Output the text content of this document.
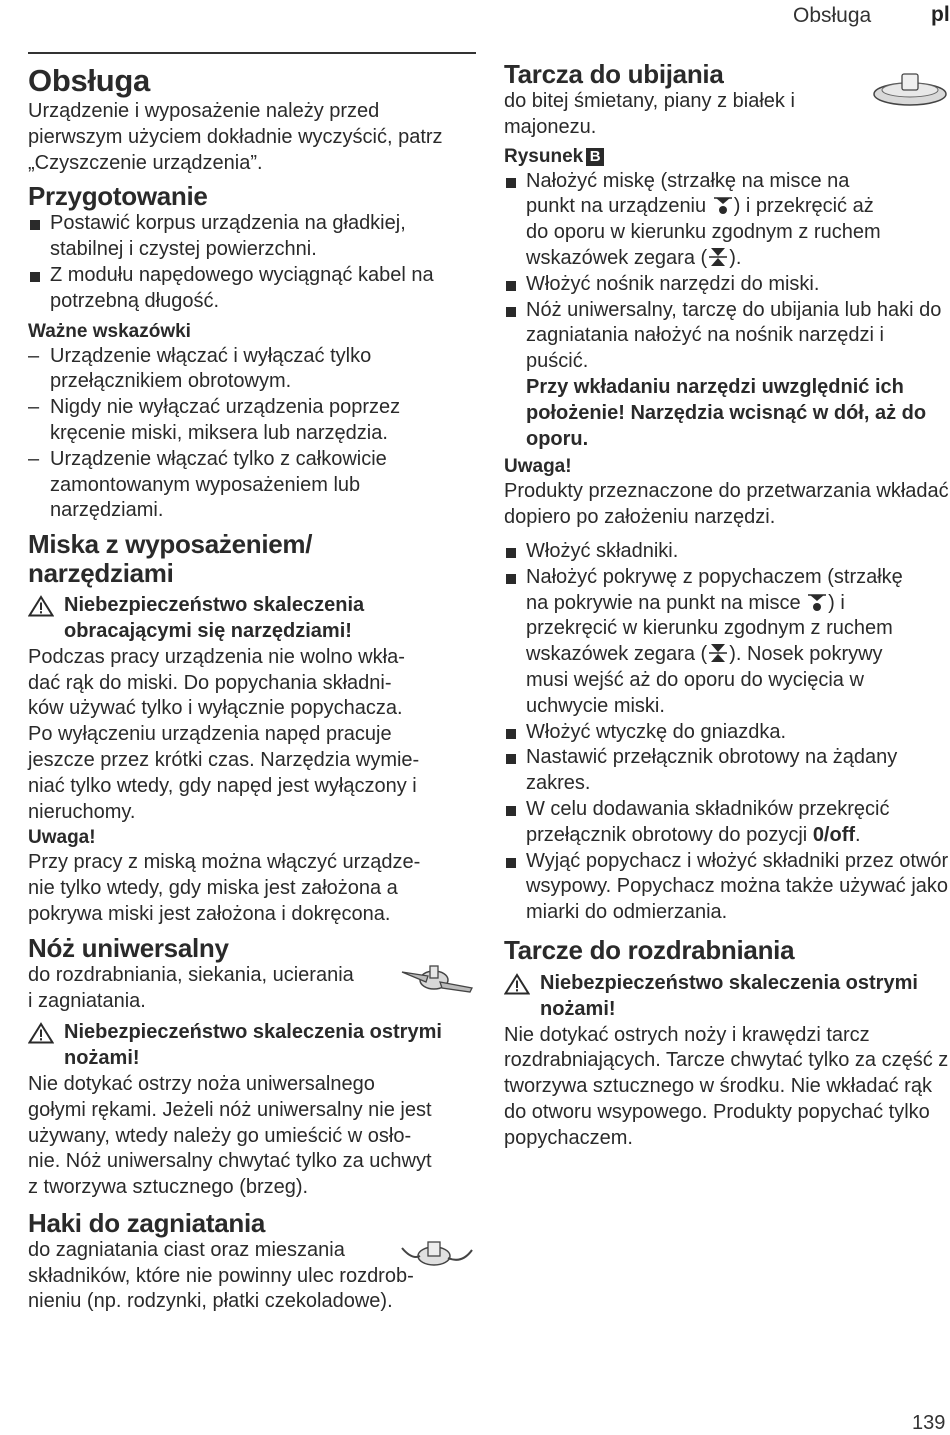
Obsługa	pl
Obsługa

Urządzenie i wyposażenie należy przed pierwszym użyciem dokładnie wyczyścić, patrz „Czyszczenie urządzenia”.

Przygotowanie
Postawić korpus urządzenia na gładkiej, stabilnej i czystej powierzchni.
Z modułu napędowego wyciągnąć kabel na potrzebną długość.
Ważne wskazówki
– Urządzenie włączać i wyłączać tylko przełącznikiem obrotowym.
– Nigdy nie wyłączać urządzenia poprzez kręcenie miski, miksera lub narzędzia.
– Urządzenie włączać tylko z całkowicie zamontowanym wyposażeniem lub narzędziami.
Miska z wyposażeniem/
narzędziami
Niebezpieczeństwo skaleczenia obracającymi się narzędziami!

Podczas pracy urządzenia nie wolno wkła-
dać rąk do miski. Do popychania składni-
ków używać tylko i wyłącznie popychacza.
Po wyłączeniu urządzenia napęd pracuje
jeszcze przez krótki czas. Narzędzia wymie-
niać tylko wtedy, gdy napęd jest wyłączony i
nieruchomy.

Uwaga!

Przy pracy z miską można włączyć urządze-
nie tylko wtedy, gdy miska jest założona a
pokrywa miski jest założona i dokręcona.

Nóż uniwersalny

do rozdrabniania, siekania, ucierania
i zagniatania.

Niebezpieczeństwo skaleczenia ostrymi nożami!

Nie dotykać ostrzy noża uniwersalnego
gołymi rękami. Jeżeli nóż uniwersalny nie jest
używany, wtedy należy go umieścić w osło-
nie. Nóż uniwersalny chwytać tylko za uchwyt
z tworzywa sztucznego (brzeg).

Haki do zagniatania

do zagniatania ciast oraz mieszania
składników, które nie powinny ulec rozdrob-
nieniu (np. rodzynki, płatki czekoladowe).

Tarcza do ubijania

do bitej śmietany, piany z białek i
majonezu.

Rysunek B
Nałożyć miskę (strzałkę na misce na
punkt na urządzeniu ) i przekręcić aż
do oporu w kierunku zgodnym z ruchem
wskazówek zegara ( ).
Włożyć nośnik narzędzi do miski.
Nóż uniwersalny, tarczę do ubijania lub haki do zagniatania nałożyć na nośnik narzędzi i puścić.
Przy wkładaniu narzędzi uwzględnić ich położenie! Narzędzia wcisnąć w dół, aż do oporu.
Uwaga!

Produkty przeznaczone do przetwarzania wkładać dopiero po założeniu narzędzi.

Włożyć składniki.
Nałożyć pokrywę z popychaczem (strzałkę
na pokrywie na punkt na misce ) i
przekręcić w kierunku zgodnym z ruchem
wskazówek zegara ( ). Nosek pokrywy
musi wejść aż do oporu do wycięcia w
uchwycie miski.
Włożyć wtyczkę do gniazdka.
Nastawić przełącznik obrotowy na żądany zakres.
W celu dodawania składników przekręcić przełącznik obrotowy do pozycji 0/off.
Wyjąć popychacz i włożyć składniki przez otwór wsypowy. Popychacz można także używać jako miarki do odmierzania.
Tarcze do rozdrabniania
Niebezpieczeństwo skaleczenia ostrymi nożami!

Nie dotykać ostrych noży i krawędzi tarcz rozdrabniających. Tarcze chwytać tylko za część z tworzywa sztucznego w środku. Nie wkładać rąk do otworu wsypowego. Produkty popychać tylko popychaczem.

139
